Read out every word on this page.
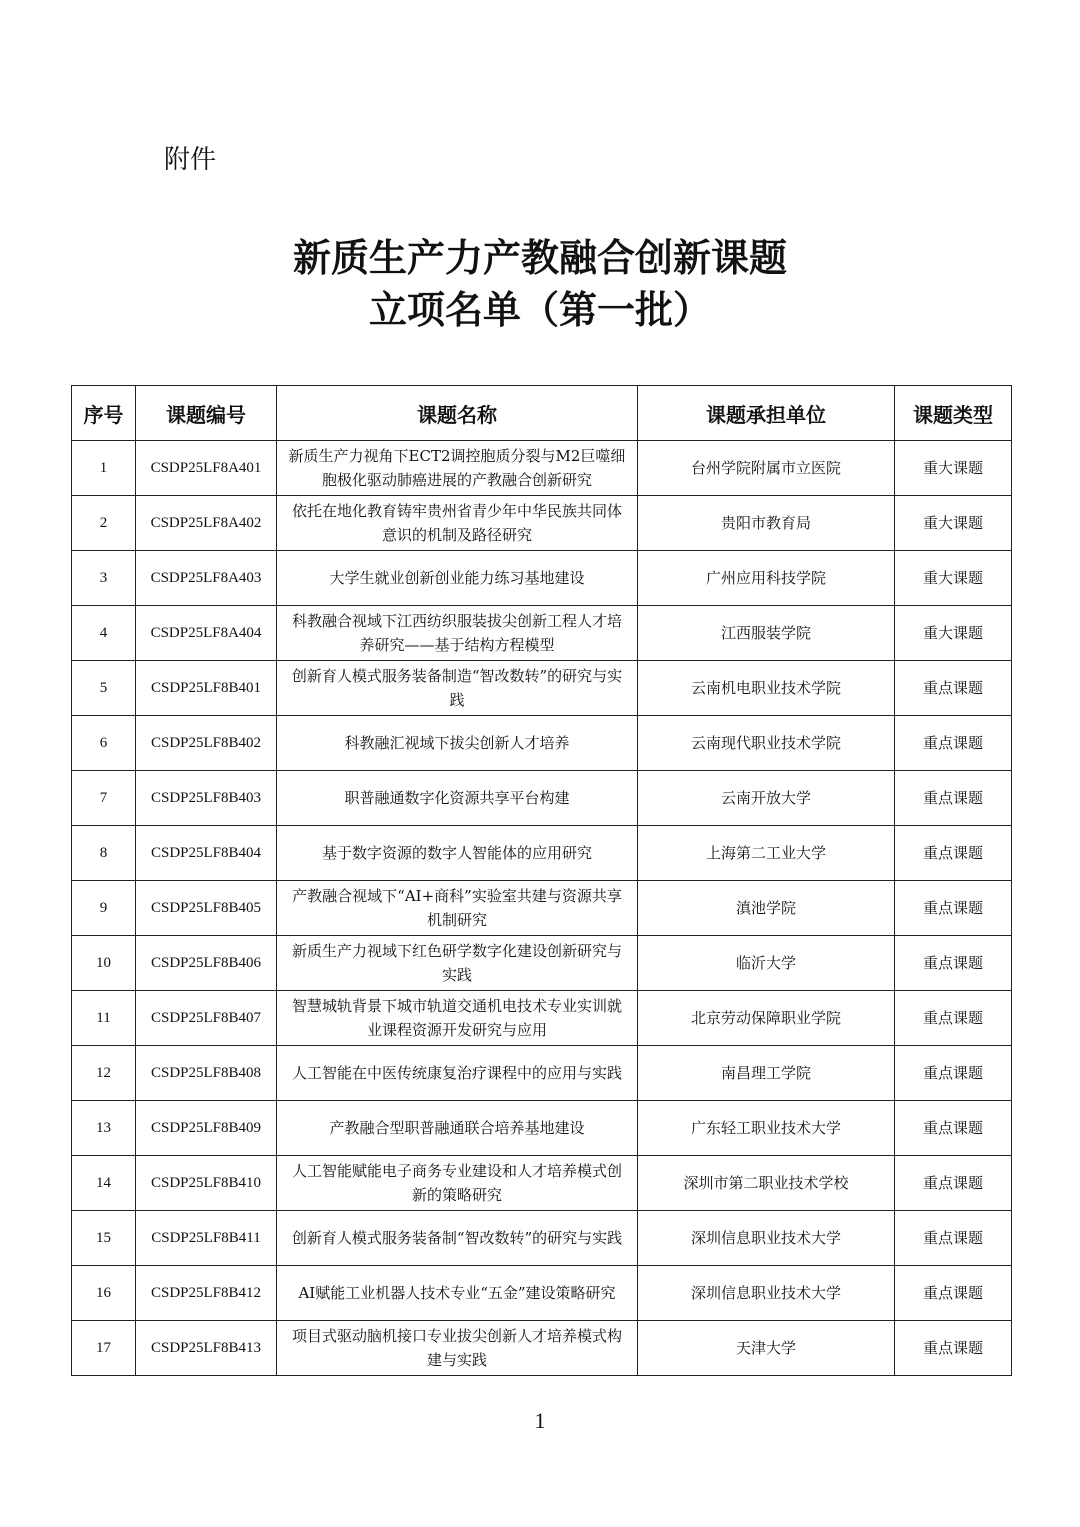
附件

新质生产力产教融合创新课题
立项名单（第一批）
序号	课题编号	课题名称	课题承担单位	课题类型
1	CSDP25LF8A401	新质生产力视角下ECT2调控胞质分裂与M2巨噬细胞极化驱动肺癌进展的产教融合创新研究	台州学院附属市立医院	重大课题
2	CSDP25LF8A402	依托在地化教育铸牢贵州省青少年中华民族共同体意识的机制及路径研究	贵阳市教育局	重大课题
3	CSDP25LF8A403	大学生就业创新创业能力练习基地建设	广州应用科技学院	重大课题
4	CSDP25LF8A404	科教融合视域下江西纺织服装拔尖创新工程人才培养研究——基于结构方程模型	江西服装学院	重大课题
5	CSDP25LF8B401	创新育人模式服务装备制造“智改数转”的研究与实践	云南机电职业技术学院	重点课题
6	CSDP25LF8B402	科教融汇视域下拔尖创新人才培养	云南现代职业技术学院	重点课题
7	CSDP25LF8B403	职普融通数字化资源共享平台构建	云南开放大学	重点课题
8	CSDP25LF8B404	基于数字资源的数字人智能体的应用研究	上海第二工业大学	重点课题
9	CSDP25LF8B405	产教融合视域下“AI+商科”实验室共建与资源共享机制研究	滇池学院	重点课题
10	CSDP25LF8B406	新质生产力视域下红色研学数字化建设创新研究与实践	临沂大学	重点课题
11	CSDP25LF8B407	智慧城轨背景下城市轨道交通机电技术专业实训就业课程资源开发研究与应用	北京劳动保障职业学院	重点课题
12	CSDP25LF8B408	人工智能在中医传统康复治疗课程中的应用与实践	南昌理工学院	重点课题
13	CSDP25LF8B409	产教融合型职普融通联合培养基地建设	广东轻工职业技术大学	重点课题
14	CSDP25LF8B410	人工智能赋能电子商务专业建设和人才培养模式创新的策略研究	深圳市第二职业技术学校	重点课题
15	CSDP25LF8B411	创新育人模式服务装备制“智改数转”的研究与实践	深圳信息职业技术大学	重点课题
16	CSDP25LF8B412	AI赋能工业机器人技术专业“五金”建设策略研究	深圳信息职业技术大学	重点课题
17	CSDP25LF8B413	项目式驱动脑机接口专业拔尖创新人才培养模式构建与实践	天津大学	重点课题

1
